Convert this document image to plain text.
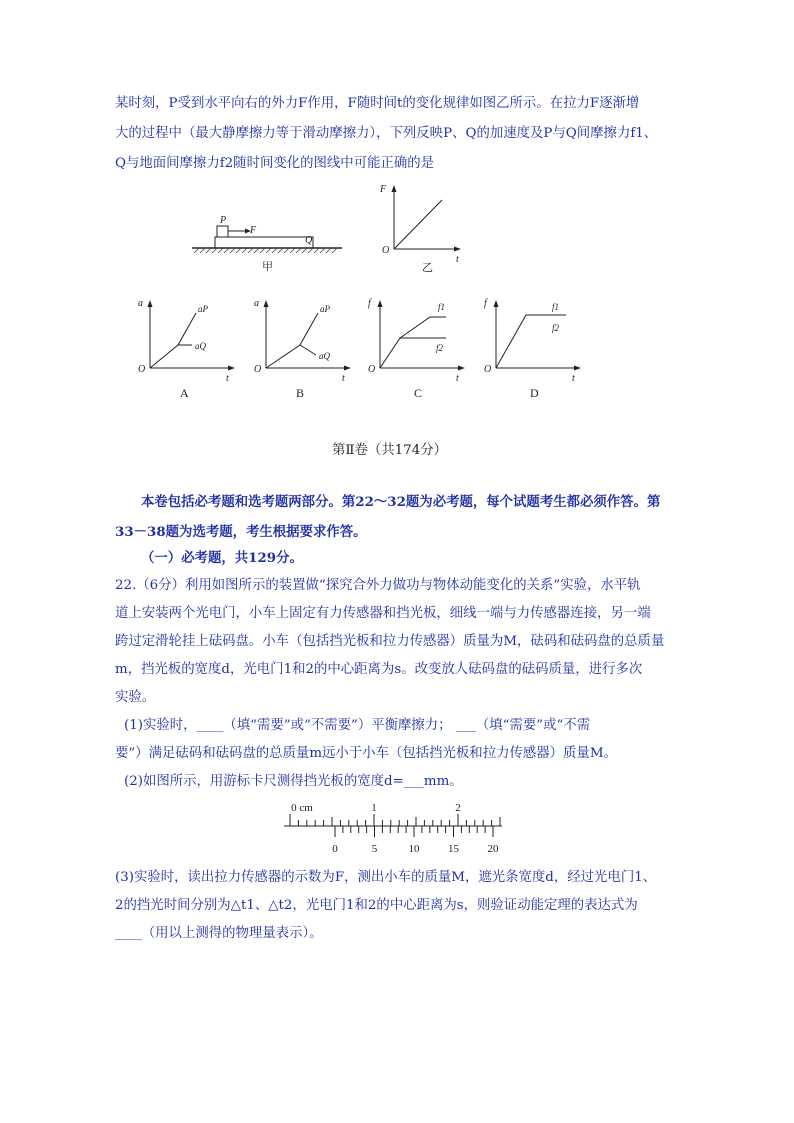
某时刻，P受到水平向右的外力F作用，F随时间t的变化规律如图乙所示。在拉力F逐渐增
大的过程中（最大静摩擦力等于滑动摩擦力），下列反映P、Q的加速度及P与Q间摩擦力f1、
Q与地面间摩擦力f2随时间变化的图线中可能正确的是
P
F
Q
甲
F
O
t
乙
a
O
t
aP
aQ
A
a
O
t
aP
aQ
B
f
O
t
f1
f2
C
f
O
t
f1
f2
D
第Ⅱ卷（共174分）
本卷包括必考题和选考题两部分。第22～32题为必考题，每个试题考生都必须作答。第
33－38题为选考题，考生根据要求作答。
（一）必考题，共129分。
22.（6分）利用如图所示的装置做“探究合外力做功与物体动能变化的关系”实验，水平轨
道上安装两个光电门，小车上固定有力传感器和挡光板，细线一端与力传感器连接，另一端
跨过定滑轮挂上砝码盘。小车（包括挡光板和拉力传感器）质量为M，砝码和砝码盘的总质量
m，挡光板的宽度d，光电门1和2的中心距离为s。改变放人砝码盘的砝码质量，进行多次
实验。
(1)实验时，____（填“需要”或“不需要”）平衡摩擦力； ___（填“需要”或“不需
要”）满足砝码和砝码盘的总质量m远小于小车（包括挡光板和拉力传感器）质量M。
(2)如图所示，用游标卡尺测得挡光板的宽度d=___mm。
0 cm	1	2
0	5	10	15	20
(3)实验时，读出拉力传感器的示数为F，测出小车的质量M，遮光条宽度d，经过光电门1、
2的挡光时间分别为△t1、△t2，光电门1和2的中心距离为s，则验证动能定理的表达式为
____（用以上测得的物理量表示）。
